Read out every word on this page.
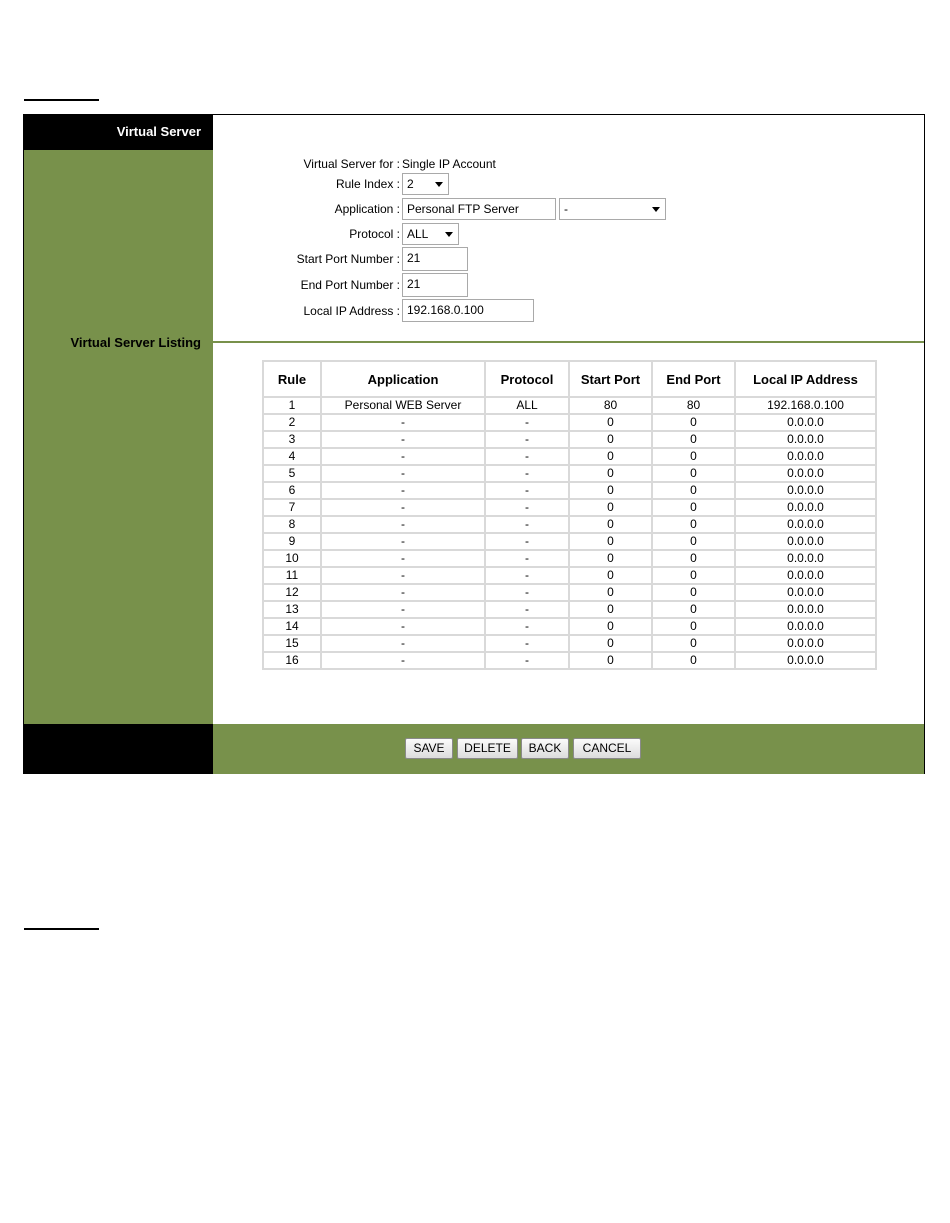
Virtual Server
Virtual Server Listing
Virtual Server for : Single IP Account
Rule Index : 2
Application : Personal FTP Server	-
Protocol : ALL
Start Port Number : 21
End Port Number : 21
Local IP Address : 192.168.0.100
Rule	Application	Protocol	Start Port	End Port	Local IP Address
1	Personal WEB Server	ALL	80	80	192.168.0.100
2	-	-	0	0	0.0.0.0
3	-	-	0	0	0.0.0.0
4	-	-	0	0	0.0.0.0
5	-	-	0	0	0.0.0.0
6	-	-	0	0	0.0.0.0
7	-	-	0	0	0.0.0.0
8	-	-	0	0	0.0.0.0
9	-	-	0	0	0.0.0.0
10	-	-	0	0	0.0.0.0
11	-	-	0	0	0.0.0.0
12	-	-	0	0	0.0.0.0
13	-	-	0	0	0.0.0.0
14	-	-	0	0	0.0.0.0
15	-	-	0	0	0.0.0.0
16	-	-	0	0	0.0.0.0
SAVE	DELETE	BACK	CANCEL
